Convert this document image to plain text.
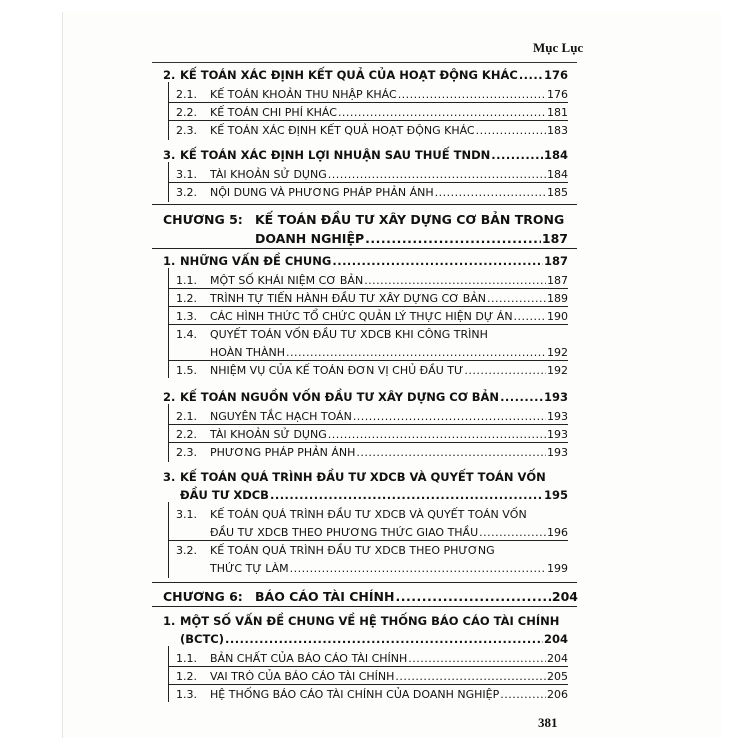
Mục Lục
2. KẾ TOÁN XÁC ĐỊNH KẾT QUẢ CỦA HOẠT ĐỘNG KHÁC ..... 176
2.1.	KẾ TOÁN KHOẢN THU NHẬP KHÁC .....	176
2.2.	KẾ TOÁN CHI PHÍ KHÁC .....	181
2.3.	KẾ TOÁN XÁC ĐỊNH KẾT QUẢ HOẠT ĐỘNG KHÁC .....	183
3. KẾ TOÁN XÁC ĐỊNH LỢI NHUẬN SAU THUẾ TNDN .....	184
3.1.	TÀI KHOẢN SỬ DỤNG .....	184
3.2.	NỘI DUNG VÀ PHƯƠNG PHÁP PHẢN ÁNH .....	185
CHƯƠNG 5: KẾ TOÁN ĐẦU TƯ XÂY DỰNG CƠ BẢN TRONG
DOANH NGHIỆP .....	187
1. NHỮNG VẤN ĐỀ CHUNG .....	187
1.1.	MỘT SỐ KHÁI NIỆM CƠ BẢN .....	187
1.2.	TRÌNH TỰ TIẾN HÀNH ĐẦU TƯ XÂY DỰNG CƠ BẢN .....	189
1.3.	CÁC HÌNH THỨC TỔ CHỨC QUẢN LÝ THỰC HIỆN DỰ ÁN .....	190
1.4.	QUYẾT TOÁN VỐN ĐẦU TƯ XDCB KHI CÔNG TRÌNH
HOÀN THÀNH .....	192
1.5.	NHIỆM VỤ CỦA KẾ TOÁN ĐƠN VỊ CHỦ ĐẦU TƯ .....	192
2. KẾ TOÁN NGUỒN VỐN ĐẦU TƯ XÂY DỰNG CƠ BẢN .....	193
2.1.	NGUYÊN TẮC HẠCH TOÁN .....	193
2.2.	TÀI KHOẢN SỬ DỤNG .....	193
2.3.	PHƯƠNG PHÁP PHẢN ÁNH .....	193
3. KẾ TOÁN QUÁ TRÌNH ĐẦU TƯ XDCB VÀ QUYẾT TOÁN VỐN
ĐẦU TƯ XDCB .....	195
3.1.	KẾ TOÁN QUÁ TRÌNH ĐẦU TƯ XDCB VÀ QUYẾT TOÁN VỐN
ĐẦU TƯ XDCB THEO PHƯƠNG THỨC GIAO THẦU .....	196
3.2.	KẾ TOÁN QUÁ TRÌNH ĐẦU TƯ XDCB THEO PHƯƠNG
THỨC TỰ LÀM .....	199
CHƯƠNG 6: BÁO CÁO TÀI CHÍNH .....	204
1. MỘT SỐ VẤN ĐỀ CHUNG VỀ HỆ THỐNG BÁO CÁO TÀI CHÍNH
(BCTC) .....	204
1.1.	BẢN CHẤT CỦA BÁO CÁO TÀI CHÍNH .....	204
1.2.	VAI TRÒ CỦA BÁO CÁO TÀI CHÍNH .....	205
1.3.	HỆ THỐNG BÁO CÁO TÀI CHÍNH CỦA DOANH NGHIỆP .....	206
381
